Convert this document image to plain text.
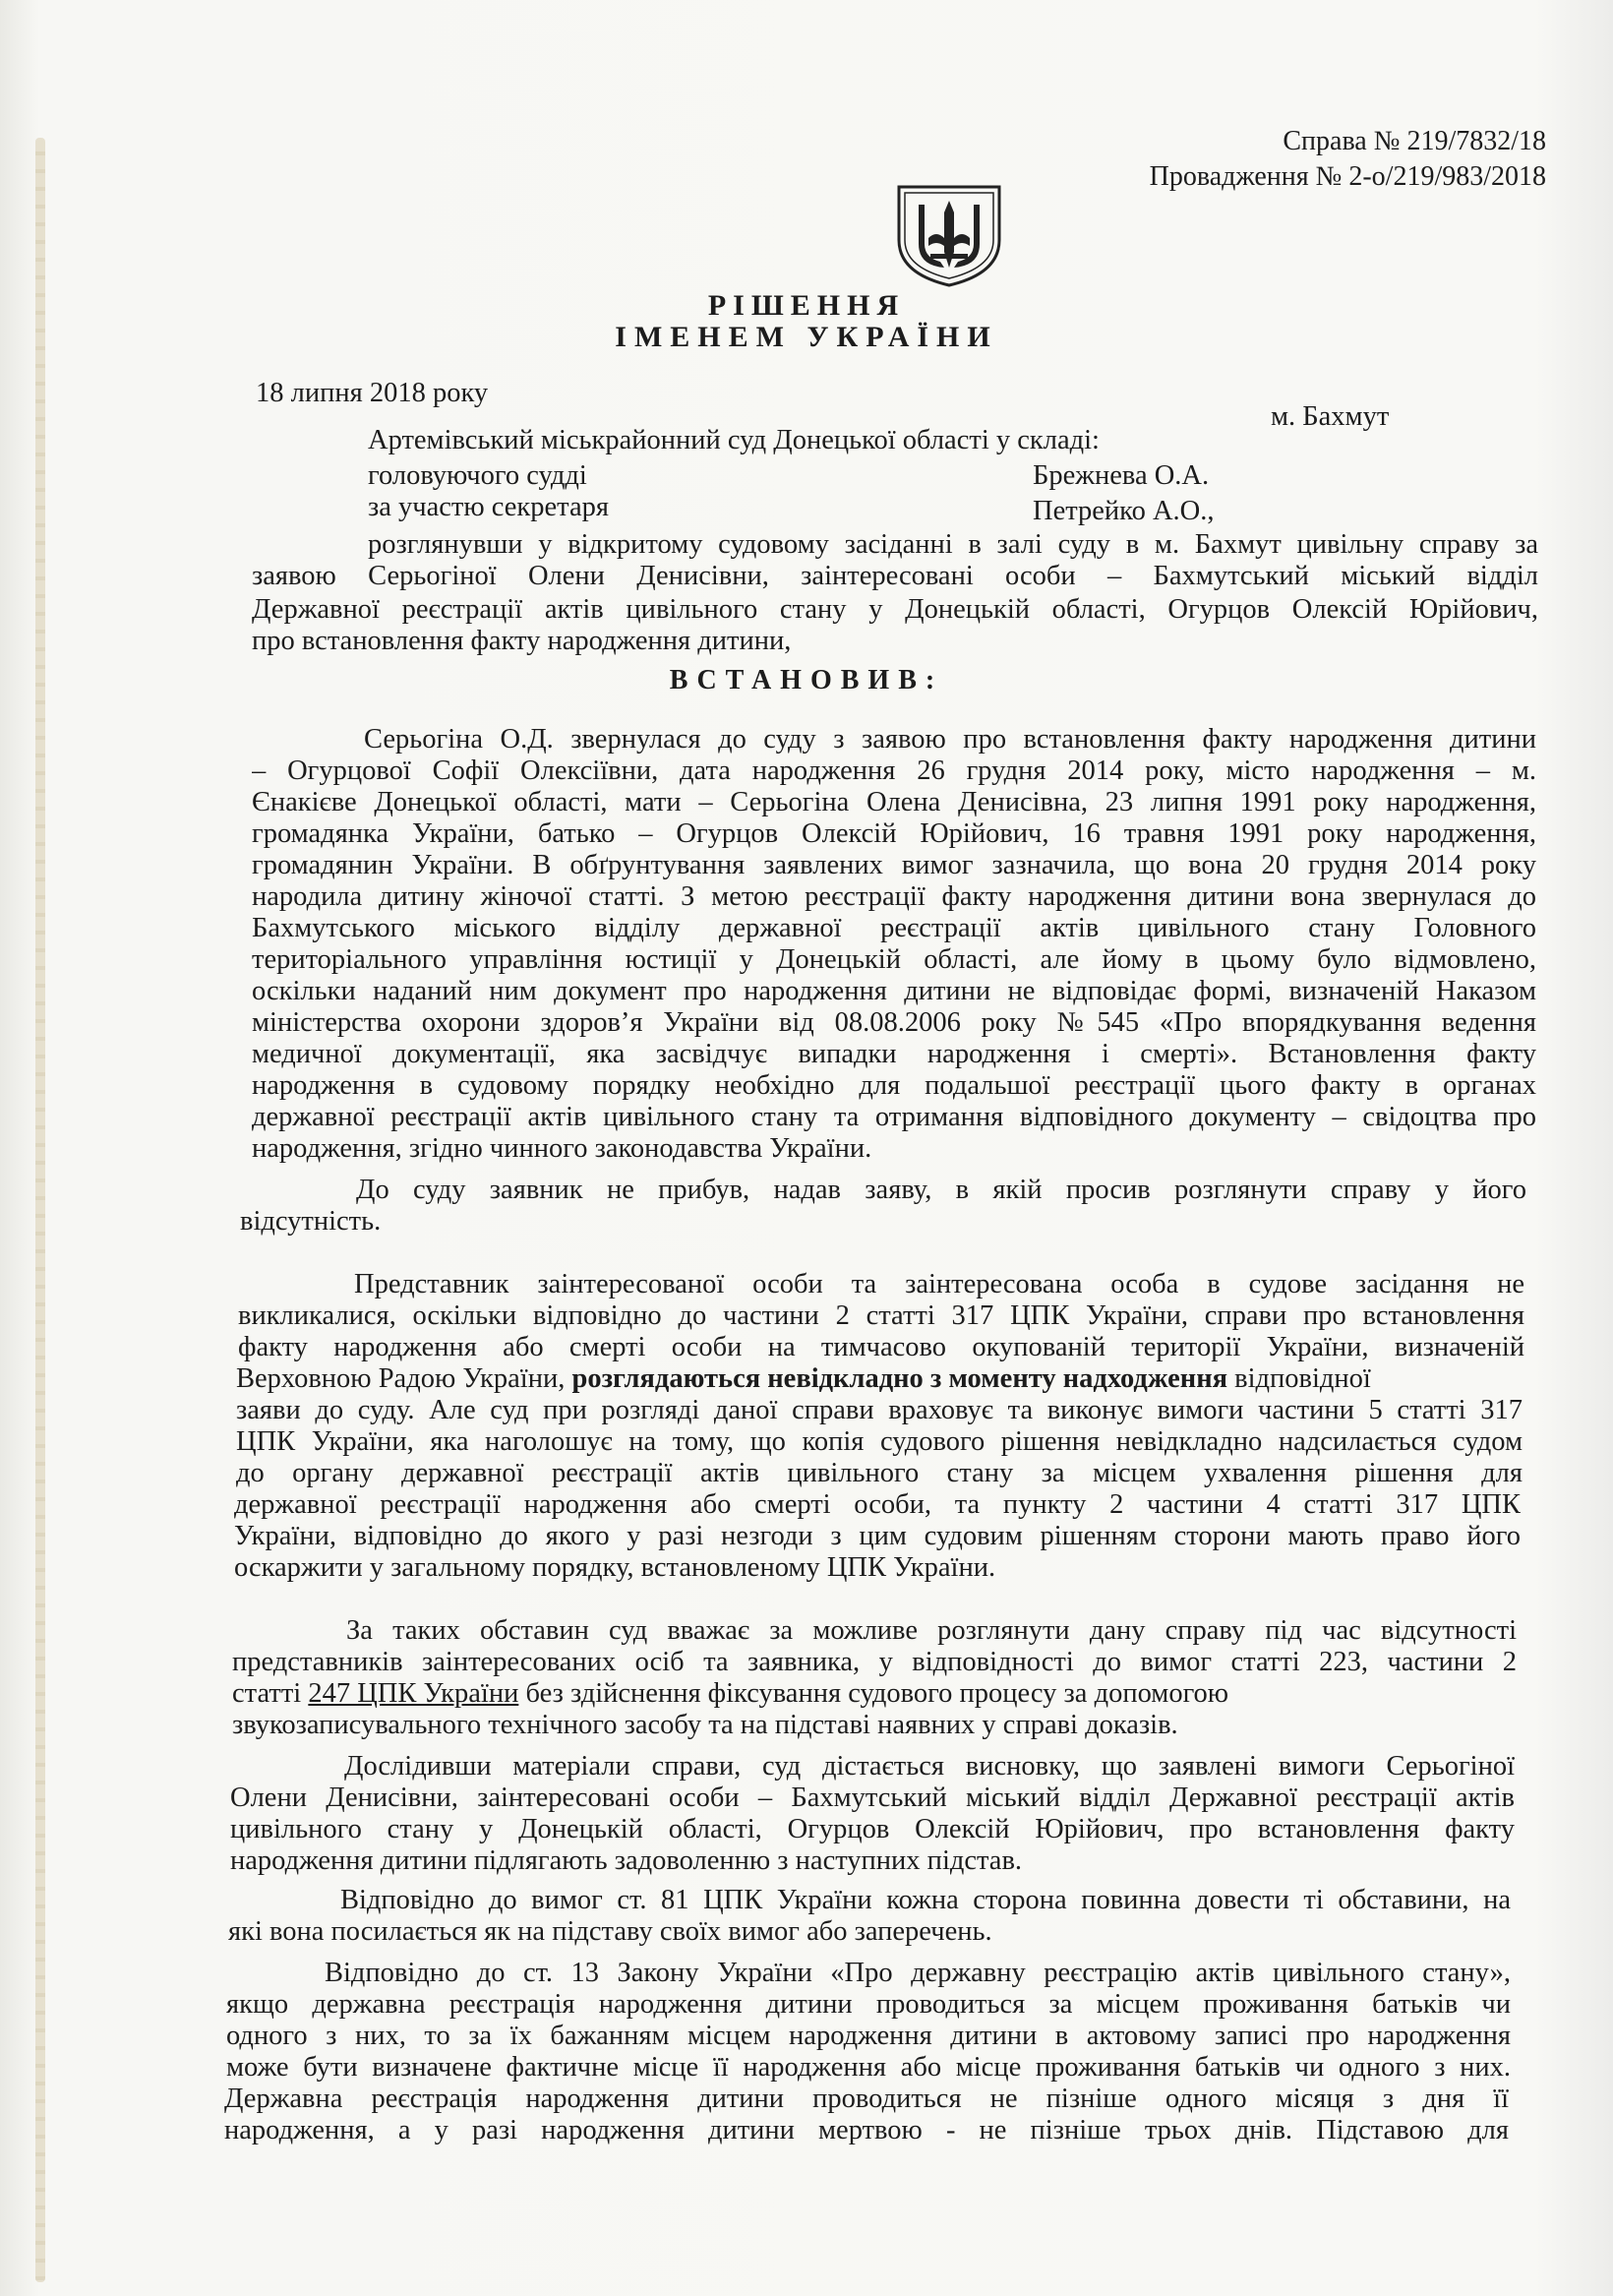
Справа № 219/7832/18
Провадження № 2-о/219/983/2018
РІШЕННЯ
ІМЕНЕМ УКРАЇНИ
18 липня 2018 року
м. Бахмут
Артемівський міськрайонний суд Донецької області у складі:
головуючого судді	Брежнева О.А.
за участю секретаря	Петрейко А.О.,
розглянувши у відкритому судовому засіданні в залі суду в м. Бахмут цивільну справу за
заявою Серьогіної Олени Денисівни, заінтересовані особи – Бахмутський міський відділ
Державної реєстрації актів цивільного стану у Донецькій області, Огурцов Олексій Юрійович,
про встановлення факту народження дитини,
ВСТАНОВИВ:
Серьогіна О.Д. звернулася до суду з заявою про встановлення факту народження дитини
– Огурцової Софії Олексіївни, дата народження 26 грудня 2014 року, місто народження – м.
Єнакієве Донецької області, мати – Серьогіна Олена Денисівна, 23 липня 1991 року народження,
громадянка України, батько – Огурцов Олексій Юрійович, 16 травня 1991 року народження,
громадянин України. В обґрунтування заявлених вимог зазначила, що вона 20 грудня 2014 року
народила дитину жіночої статті. З метою реєстрації факту народження дитини вона звернулася до
Бахмутського міського відділу державної реєстрації актів цивільного стану Головного
територіального управління юстиції у Донецькій області, але йому в цьому було відмовлено,
оскільки наданий ним документ про народження дитини не відповідає формі, визначеній Наказом
міністерства охорони здоров’я України від 08.08.2006 року №545 «Про впорядкування ведення
медичної документації, яка засвідчує випадки народження і смерті». Встановлення факту
народження в судовому порядку необхідно для подальшої реєстрації цього факту в органах
державної реєстрації актів цивільного стану та отримання відповідного документу – свідоцтва про
народження, згідно чинного законодавства України.
До суду заявник не прибув, надав заяву, в якій просив розглянути справу у його
відсутність.
Представник заінтересованої особи та заінтересована особа в судове засідання не
викликалися, оскільки відповідно до частини 2 статті 317 ЦПК України, справи про встановлення
факту народження або смерті особи на тимчасово окупованій території України, визначеній
Верховною Радою України, розглядаються невідкладно з моменту надходження відповідної
заяви до суду. Але суд при розгляді даної справи враховує та виконує вимоги частини 5 статті 317
ЦПК України, яка наголошує на тому, що копія судового рішення невідкладно надсилається судом
до органу державної реєстрації актів цивільного стану за місцем ухвалення рішення для
державної реєстрації народження або смерті особи, та пункту 2 частини 4 статті 317 ЦПК
України, відповідно до якого у разі незгоди з цим судовим рішенням сторони мають право його
оскаржити у загальному порядку, встановленому ЦПК України.
За таких обставин суд вважає за можливе розглянути дану справу під час відсутності
представників заінтересованих осіб та заявника, у відповідності до вимог статті 223, частини 2
статті 247 ЦПК України без здійснення фіксування судового процесу за допомогою
звукозаписувального технічного засобу та на підставі наявних у справі доказів.
Дослідивши матеріали справи, суд дістається висновку, що заявлені вимоги Серьогіної
Олени Денисівни, заінтересовані особи – Бахмутський міський відділ Державної реєстрації актів
цивільного стану у Донецькій області, Огурцов Олексій Юрійович, про встановлення факту
народження дитини підлягають задоволенню з наступних підстав.
Відповідно до вимог ст. 81 ЦПК України кожна сторона повинна довести ті обставини, на
які вона посилається як на підставу своїх вимог або заперечень.
Відповідно до ст. 13 Закону України «Про державну реєстрацію актів цивільного стану»,
якщо державна реєстрація народження дитини проводиться за місцем проживання батьків чи
одного з них, то за їх бажанням місцем народження дитини в актовому записі про народження
може бути визначене фактичне місце її народження або місце проживання батьків чи одного з них.
Державна реєстрація народження дитини проводиться не пізніше одного місяця з дня її
народження, а у разі народження дитини мертвою - не пізніше трьох днів. Підставою для
